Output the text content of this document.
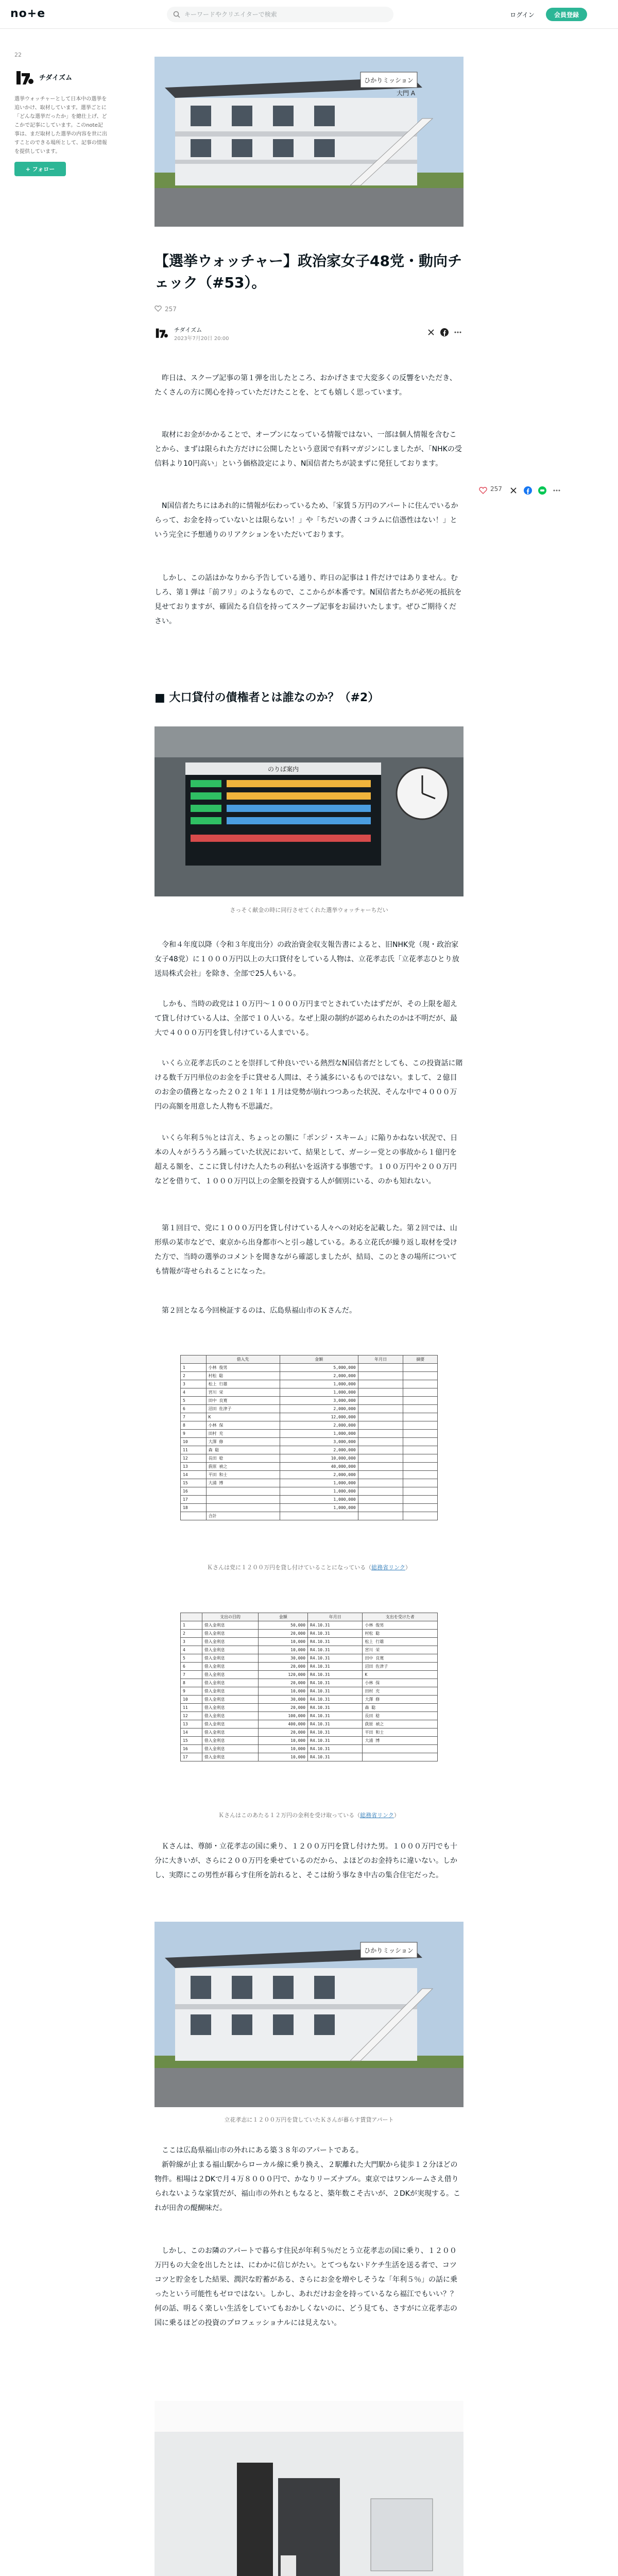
no+e
キーワードやクリエイターで検索	ログイン	会員登録
22
チダイズム
選挙ウォッチャーとして日本中の選挙を追いかけ、取材しています。選挙ごとに「どんな選挙だったか」を總仕上げ、どこかで記事にしています。このnote記事は、まだ取材した選挙の内容を世に出すことのできる場所として、記事の情報を提供しています。
+ フォロー
257
ひかりミッション
大門 A
【選挙ウォッチャー】政治家女子48党・動向チェック（#53）。
257
チダイズム
2023年7月20日 20:00
　昨日は、スクープ記事の第１弾を出したところ、おかげさまで大変多くの反響をいただき、たくさんの方に関心を持っていただけたことを、とても嬉しく思っています。
　取材にお金がかかることで、オープンになっている情報ではない、一部は個人情報を含むことから、まずは限られた方だけに公開したという意図で有料マガジンにしましたが、「NHKの受信料より10円高い」という価格設定により、N国信者たちが読まずに発狂しております。
　N国信者たちにはあれ的に情報が伝わっているため、「家賃５万円のアパートに住んでいるからって、お金を持っていないとは限らない！」や「ちだいの書くコラムに信憑性はない！」という完全に予想通りのリアクションをいただいております。
　しかし、この話はかなりから予告している通り、昨日の記事は１件だけではありません。むしろ、第１弾は「前フリ」のようなもので、ここからが本番です。N国信者たちが必死の抵抗を見せておりますが、確固たる自信を持ってスクープ記事をお届けいたします。ぜひご期待ください。
■ 大口貸付の債権者とは誰なのか？（#2）
のりば案内
さっそく献金の時に同行させてくれた選挙ウォッチャーちだい
　令和４年度以降（令和３年度出分）の政治資金収支報告書によると、旧NHK党（現・政治家女子48党）に１０００万円以上の大口貸付をしている人物は、立花孝志氏「立花孝志ひとり放送局株式会社」を除き、全部で25人もいる。
　しかも、当時の政党は１０万円〜１０００万円までとされていたはずだが、その上限を超えて貸し付けている人は、全部で１０人いる。なぜ上限の制約が認められたのかは不明だが、最大で４０００万円を貸し付けている人までいる。
　いくら立花孝志氏のことを崇拝して仲良いでいる熱烈なN国信者だとしても、この投資話に賭ける数千万円単位のお金を手に貸せる人間は、そう滅多にいるものではない。まして、２億目のお金の債務となった２０２１年１１月は党勢が崩れつつあった状況、そんな中で４０００万円の高額を用意した人物も不思議だ。
　いくら年利５％とは言え、ちょっとの額に「ポンジ・スキーム」に陥りかねない状況で、日本の人々がうろうろ踊っていた状況において、結果として、ガーシー党との事故から１億円を超える額を、ここに貸し付けた人たちの利払いを返済する事態です。１００万円や２００万円などを借りて、１０００万円以上の金額を投資する人が個別にいる、のかも知れない。
　第１回目で、党に１０００万円を貸し付けている人々への対応を記載した。第２回では、山形県の某市などで、東京から出身都市へと引っ越している。ある立花氏が繰り返し取材を受けた方で、当時の選挙のコメントを聞きながら確認しましたが、結局、このときの場所についても情報が寄せられることになった。
　第２回となる今回検証するのは、広島県福山市のＫさんだ。
	借入先	金額	年月日	摘要
1	小林 俊男	5,000,000		
2	村松 聡	2,000,000		
3	松上 行雄	1,000,000		
4	宮川 栄	1,000,000		
5	田中 良寛	3,000,000		
6	沼田 佐津子	2,000,000		
7	K	12,000,000		
8	小林 保	2,000,000		
9	田村 充	1,000,000		
10	大澤 修	3,000,000		
11	森 聡	2,000,000		
12	長田 稔	10,000,000		
13	荻原 禎之	40,000,000		
14	平田 和士	2,000,000		
15	大浦 博	1,000,000		
16		1,000,000		
17		1,000,000		
18		1,000,000		
	合計			
Ｋさんは党に１２００万円を貸し付けていることになっている（総務省リンク）
	支出の目的	金額	年月日	支出を受けた者
1	借入金利息	50,000	R4.10.31	小林 俊男
2	借入金利息	20,000	R4.10.31	村松 聡
3	借入金利息	10,000	R4.10.31	松上 行雄
4	借入金利息	10,000	R4.10.31	宮川 栄
5	借入金利息	30,000	R4.10.31	田中 良寛
6	借入金利息	20,000	R4.10.31	沼田 佐津子
7	借入金利息	120,000	R4.10.31	K
8	借入金利息	20,000	R4.10.31	小林 保
9	借入金利息	10,000	R4.10.31	田村 充
10	借入金利息	30,000	R4.10.31	大澤 修
11	借入金利息	20,000	R4.10.31	森 聡
12	借入金利息	100,000	R4.10.31	長田 稔
13	借入金利息	400,000	R4.10.31	荻原 禎之
14	借入金利息	20,000	R4.10.31	平田 和士
15	借入金利息	10,000	R4.10.31	大浦 博
16	借入金利息	10,000	R4.10.31	
17	借入金利息	10,000	R4.10.31	
Ｋさんはこのあたる１２万円の金利を受け取っている（総務省リンク）
　Ｋさんは、尊師・立花孝志の国に乗り、１２００万円を貸し付けた男。１０００万円でも十分に大きいが、さらに２００万円を乗せているのだから、よほどのお金持ちに違いない。しかし、実際にこの男性が暮らす住所を訪れると、そこは紛う事なき中古の集合住宅だった。
ひかりミッション
立花孝志に１２００万円を貸していたＫさんが暮らす賃貸アパート
　ここは広島県福山市の外れにある築３８年のアパートである。
　新幹線が止まる福山駅からローカル線に乗り換え、２駅離れた大門駅から徒歩１２分ほどの物件。相場は２DKで月４万８０００円で、かなりリーズナブル。東京ではワンルームさえ借りられないような家賃だが、福山市の外れともなると、築年数こそ古いが、２DKが実現する。これが田舎の醍醐味だ。
　しかし、このお隣のアパートで暮らす住民が年利５％だとう立花孝志の国に乗り、１２００万円もの大金を出したとは、にわかに信じがたい。とてつもないドケチ生活を送る者で、コツコツと貯金をした結果、潤沢な貯蓄がある、さらにお金を増やしそうな「年利５％」の話に乗ったという可能性もゼロではない。しかし、あれだけお金を持っているなら福江でもいい？？何の話、明るく楽しい生活をしていてもおかしくないのに、どう見ても、さすがに立花孝志の国に乗るほどの投資のプロフェッショナルには見えない。
